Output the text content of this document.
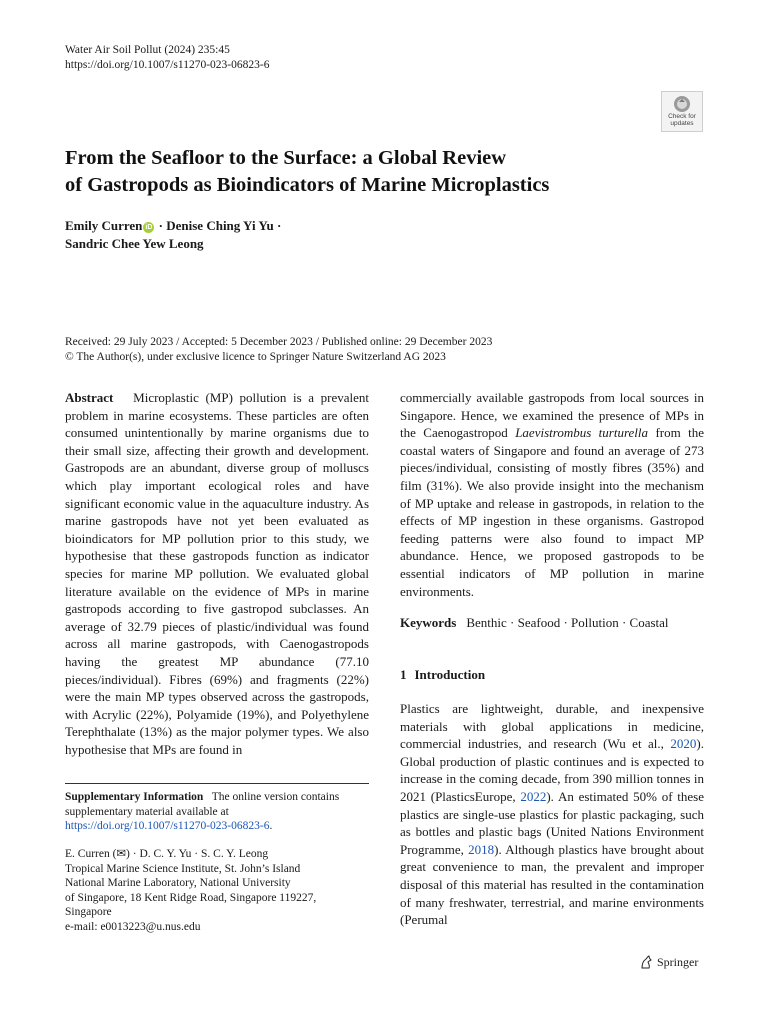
Water Air Soil Pollut (2024) 235:45
https://doi.org/10.1007/s11270-023-06823-6
Check for
updates
From the Seafloor to the Surface: a Global Review
of Gastropods as Bioindicators of Marine Microplastics
Emily Curren iD · Denise Ching Yi Yu ·
Sandric Chee Yew Leong
Received: 29 July 2023 / Accepted: 5 December 2023 / Published online: 29 December 2023
© The Author(s), under exclusive licence to Springer Nature Switzerland AG 2023

Abstract Microplastic (MP) pollution is a prevalent problem in marine ecosystems. These particles are often consumed unintentionally by marine organisms due to their small size, affecting their growth and development. Gastropods are an abundant, diverse group of molluscs which play important ecological roles and have significant economic value in the aquaculture industry. As marine gastropods have not yet been evaluated as bioindicators for MP pollution prior to this study, we hypothesise that these gastropods function as indicator species for marine MP pollution. We evaluated global literature available on the evidence of MPs in marine gastropods according to five gastropod subclasses. An average of 32.79 pieces of plastic/individual was found across all marine gastropods, with Caenogastropods having the greatest MP abundance (77.10 pieces/individual). Fibres (69%) and fragments (22%) were the main MP types observed across the gastropods, with Acrylic (22%), Polyamide (19%), and Polyethylene Terephthalate (13%) as the major polymer types. We also hypothesise that MPs are found in

commercially available gastropods from local sources in Singapore. Hence, we examined the presence of MPs in the Caenogastropod Laevistrombus turturella from the coastal waters of Singapore and found an average of 273 pieces/individual, consisting of mostly fibres (35%) and film (31%). We also provide insight into the mechanism of MP uptake and release in gastropods, in relation to the effects of MP ingestion in these organisms. Gastropod feeding patterns were also found to impact MP abundance. Hence, we proposed gastropods to be essential indicators of MP pollution in marine environments.

Keywords Benthic · Seafood · Pollution · Coastal
1 Introduction
Plastics are lightweight, durable, and inexpensive materials with global applications in medicine, commercial industries, and research (Wu et al., 2020). Global production of plastic continues and is expected to increase in the coming decade, from 390 million tonnes in 2021 (PlasticsEurope, 2022). An estimated 50% of these plastics are single-use plastics for plastic packaging, such as bottles and plastic bags (United Nations Environment Programme, 2018). Although plastics have brought about great convenience to man, the prevalent and improper disposal of this material has resulted in the contamination of many freshwater, terrestrial, and marine environments (Perumal
Supplementary Information The online version contains supplementary material available at https://doi.org/10.1007/s11270-023-06823-6.
E. Curren (✉) · D. C. Y. Yu · S. C. Y. Leong
Tropical Marine Science Institute, St. John’s Island
National Marine Laboratory, National University
of Singapore, 18 Kent Ridge Road, Singapore 119227,
Singapore
e-mail: e0013223@u.nus.edu
Springer
